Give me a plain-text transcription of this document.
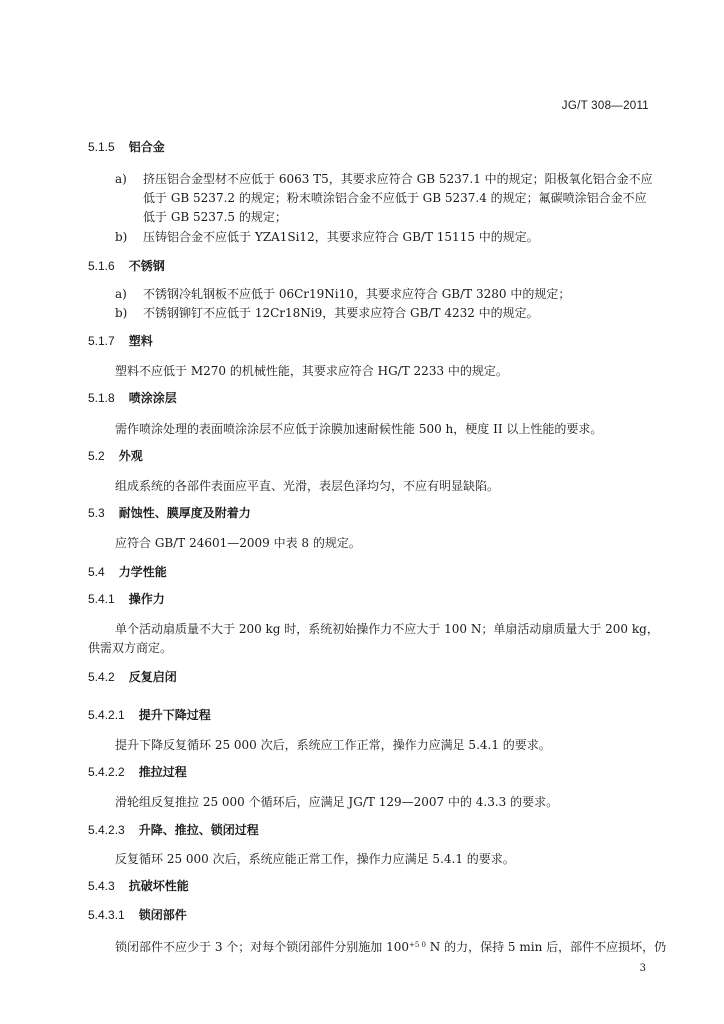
JG/T 308—2011
5.1.5 铝合金
a) 挤压铝合金型材不应低于 6063 T5，其要求应符合 GB 5237.1 中的规定；阳极氧化铝合金不应
低于 GB 5237.2 的规定；粉末喷涂铝合金不应低于 GB 5237.4 的规定；氟碳喷涂铝合金不应
低于 GB 5237.5 的规定；
b) 压铸铝合金不应低于 YZA1Si12，其要求应符合 GB/T 15115 中的规定。
5.1.6 不锈钢
a) 不锈钢冷轧钢板不应低于 06Cr19Ni10，其要求应符合 GB/T 3280 中的规定；
b) 不锈钢铆钉不应低于 12Cr18Ni9，其要求应符合 GB/T 4232 中的规定。
5.1.7 塑料
塑料不应低于 M270 的机械性能，其要求应符合 HG/T 2233 中的规定。
5.1.8 喷涂涂层
需作喷涂处理的表面喷涂涂层不应低于涂膜加速耐候性能 500 h，梗度 II 以上性能的要求。
5.2 外观
组成系统的各部件表面应平直、光滑，表层色泽均匀，不应有明显缺陷。
5.3 耐蚀性、膜厚度及附着力
应符合 GB/T 24601—2009 中表 8 的规定。
5.4 力学性能
5.4.1 操作力
单个活动扇质量不大于 200 kg 时，系统初始操作力不应大于 100 N；单扇活动扇质量大于 200 kg，
供需双方商定。
5.4.2 反复启闭
5.4.2.1 提升下降过程
提升下降反复循环 25 000 次后，系统应工作正常，操作力应满足 5.4.1 的要求。
5.4.2.2 推拉过程
滑轮组反复推拉 25 000 个循环后，应满足 JG/T 129—2007 中的 4.3.3 的要求。
5.4.2.3 升降、推拉、锁闭过程
反复循环 25 000 次后，系统应能正常工作，操作力应满足 5.4.1 的要求。
5.4.3 抗破坏性能
5.4.3.1 锁闭部件
锁闭部件不应少于 3 个；对每个锁闭部件分别施加 $100^{+5 0}$ N 的力，保持 5 min 后，部件不应损坏，仍
3
